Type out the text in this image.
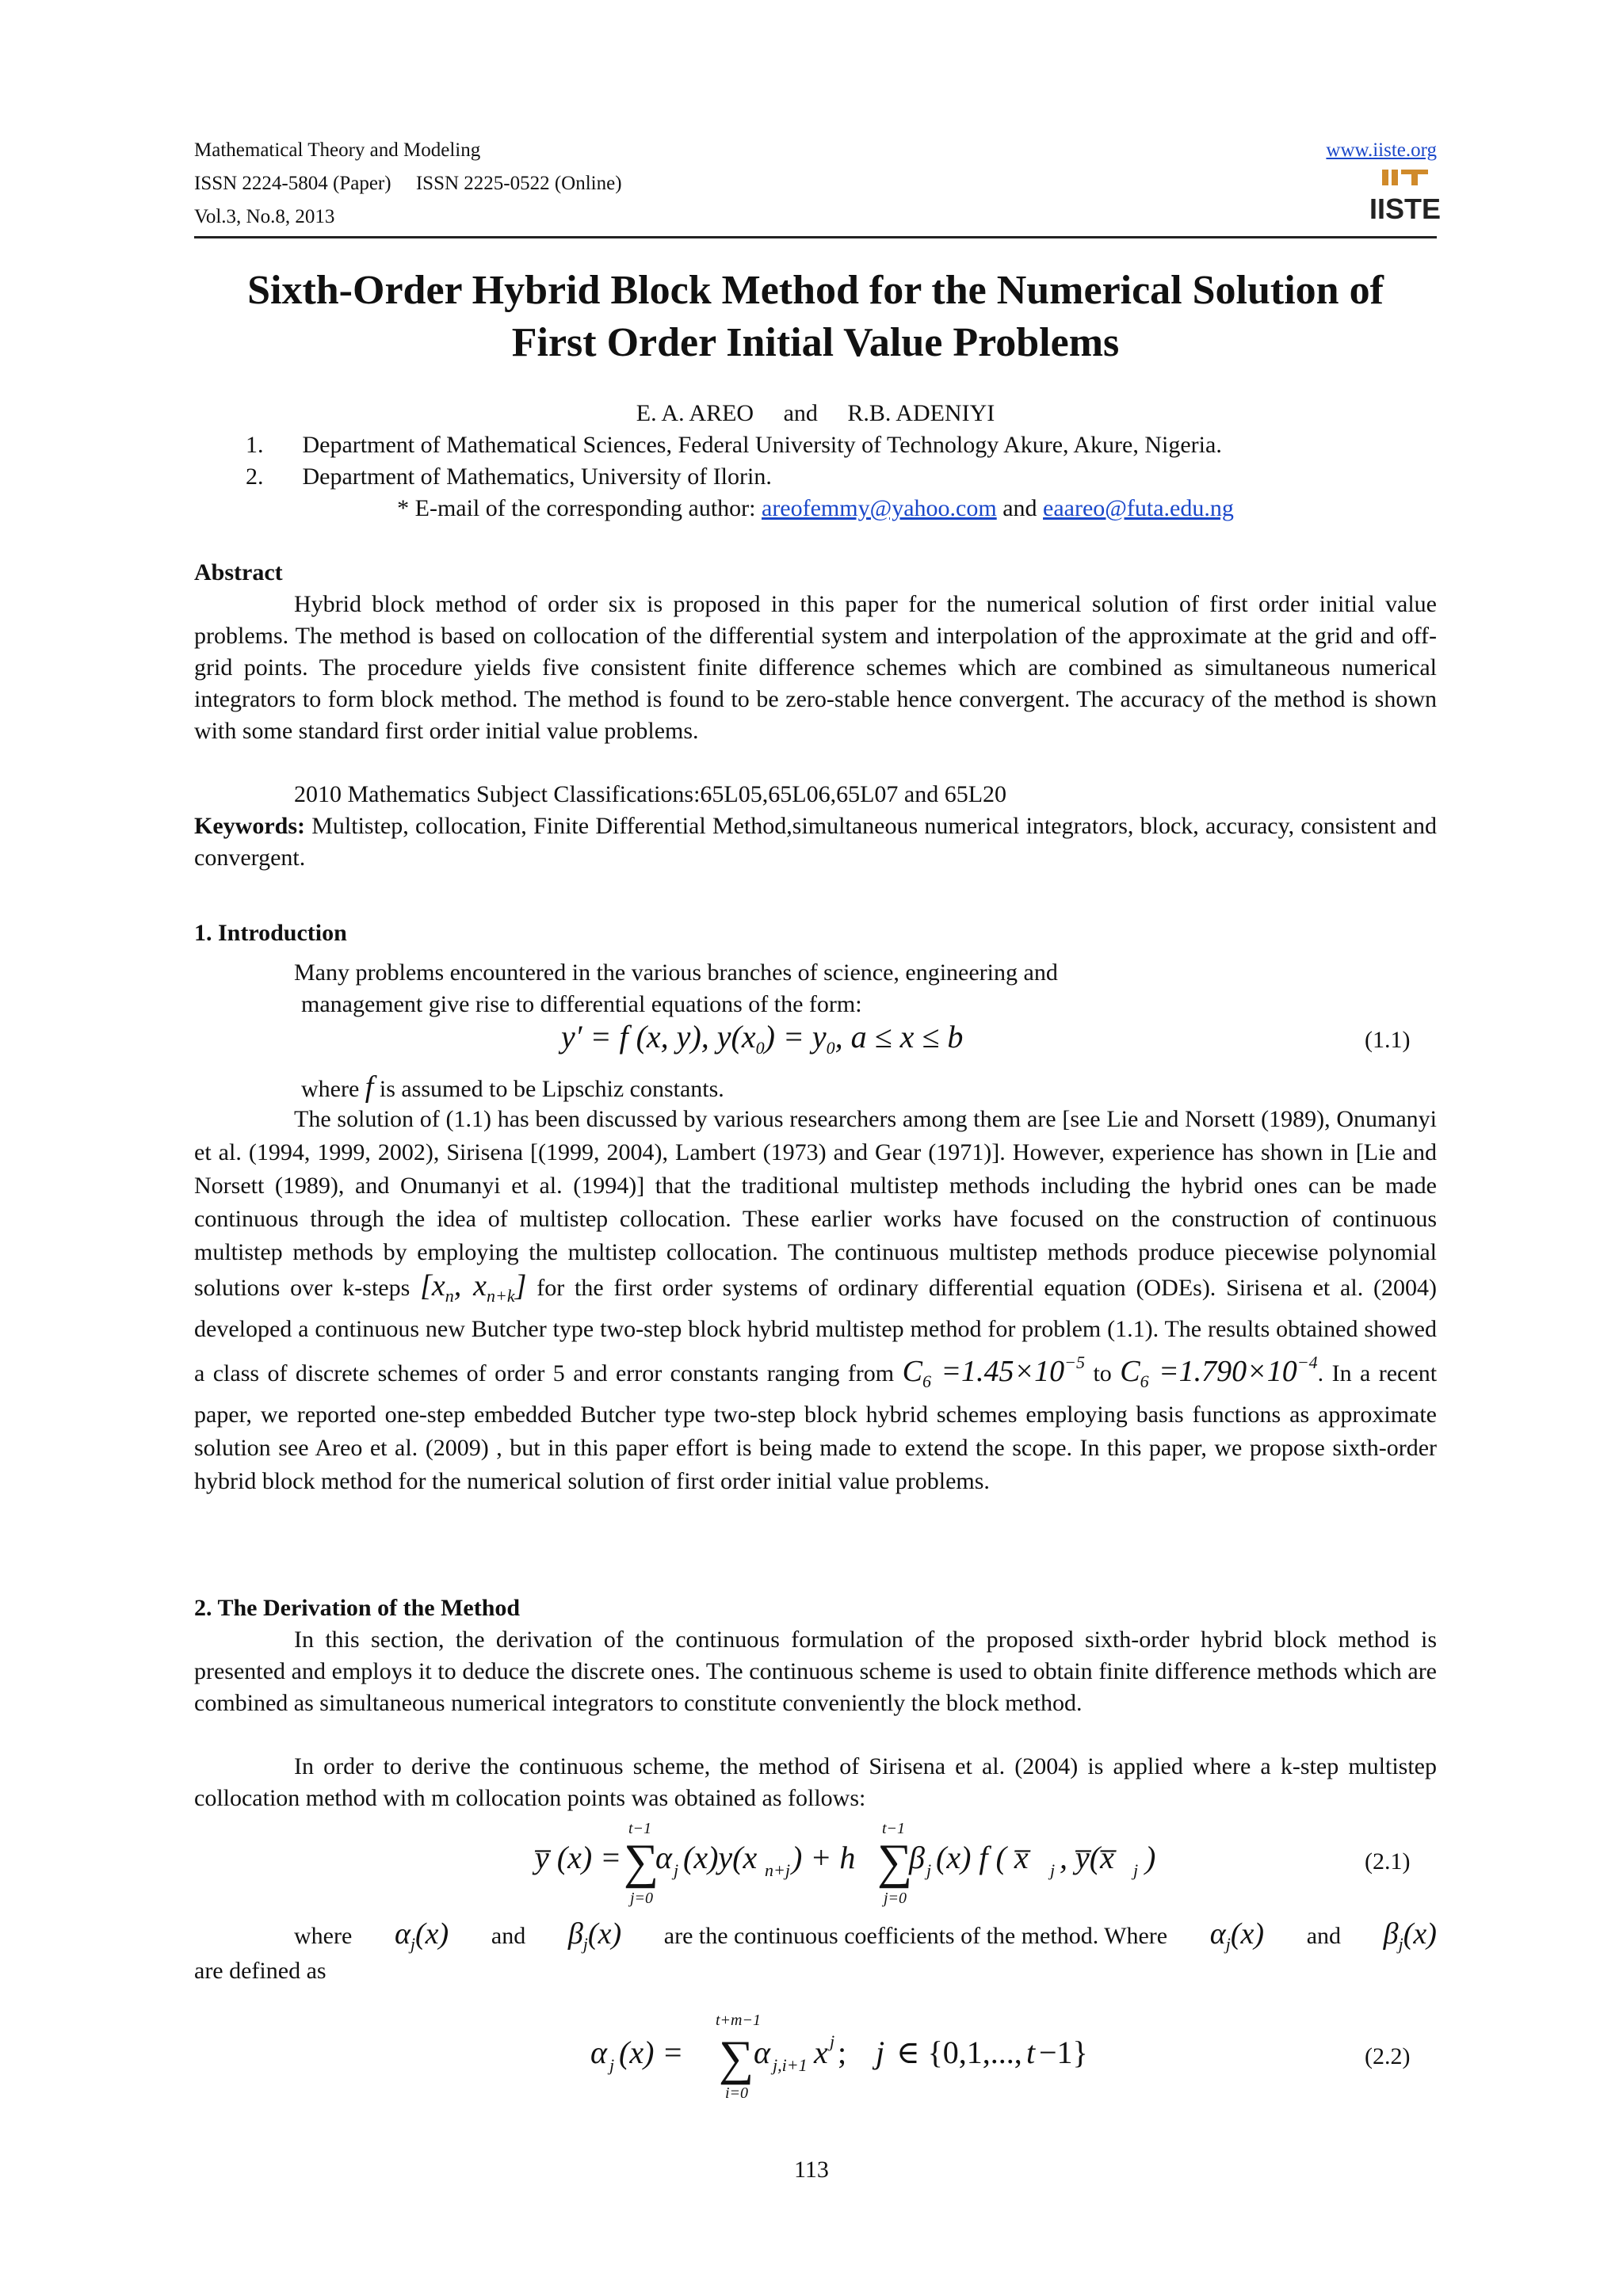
Mathematical Theory and Modeling
ISSN 2224-5804 (Paper)     ISSN 2225-0522 (Online)
Vol.3, No.8, 2013
www.iiste.org
IISTE
Sixth-Order Hybrid Block Method for the Numerical Solution of
First Order Initial Value Problems
E. A. AREO     and     R.B. ADENIYI
1. Department of Mathematical Sciences, Federal University of Technology Akure, Akure, Nigeria.
2. Department of Mathematics, University of Ilorin.
* E-mail of the corresponding author: areofemmy@yahoo.com and eaareo@futa.edu.ng
Abstract
Hybrid block method of order six is proposed in this paper for the numerical solution of first order initial value problems. The method is based on collocation of the differential system and interpolation of the approximate at the grid and off-grid points. The procedure yields five consistent finite difference schemes which are combined as simultaneous numerical integrators to form block method. The method is found to be zero-stable hence convergent. The accuracy of the method is shown with some standard first order initial value problems.
2010 Mathematics Subject Classifications:65L05,65L06,65L07 and 65L20
Keywords: Multistep, collocation, Finite Differential Method,simultaneous numerical integrators, block, accuracy, consistent and convergent.
1. Introduction
Many problems encountered in the various branches of science, engineering and
management give rise to differential equations of the form:
y′ = f (x, y), $y(x_0) = y_0$, a ≤ x ≤ b	(1.1)
where f is assumed to be Lipschiz constants.
The solution of (1.1) has been discussed by various researchers among them are [see Lie and Norsett (1989), Onumanyi et al. (1994, 1999, 2002), Sirisena [(1999, 2004), Lambert (1973) and Gear (1971)]. However, experience has shown in [Lie and Norsett (1989), and Onumanyi et al. (1994)] that the traditional multistep methods including the hybrid ones can be made continuous through the idea of multistep collocation. These earlier works have focused on the construction of continuous multistep methods by employing the multistep collocation. The continuous multistep methods produce piecewise polynomial solutions over k-steps [$x_n$, $x_{n+k}$] for the first order systems of ordinary differential equation (ODEs). Sirisena et al. (2004) developed a continuous new Butcher type two-step block hybrid multistep method for problem (1.1). The results obtained showed a class of discrete schemes of order 5 and error constants ranging from $C_6 =1.45\times 10^{-5}$ to $C_6 =1.790\times 10^{-4}$. In a recent paper, we reported one-step embedded Butcher type two-step block hybrid schemes employing basis functions as approximate solution see Areo et al. (2009) , but in this paper effort is being made to extend the scope. In this paper, we propose sixth-order hybrid block method for the numerical solution of first order initial value problems.
2. The Derivation of the Method
In this section, the derivation of the continuous formulation of the proposed sixth-order hybrid block method is presented and employs it to deduce the discrete ones. The continuous scheme is used to obtain finite difference methods which are combined as simultaneous numerical integrators to constitute conveniently the block method.
In order to derive the continuous scheme, the method of Sirisena et al. (2004) is applied where a k-step multistep collocation method with m collocation points was obtained as follows:
y̅ (x) =
t−1
∑
j=0
α j (x)y(x n+j ) + h
t−1
∑
j=0
β j (x) f ( x̅ j , y̅(x̅ j )	(2.1)
where $\alpha_j(x)$ and $\beta_j(x)$ are the continuous coefficients of the method. Where $\alpha_j(x)$ and $\beta_j(x)$
are defined as
α j (x) =
t+m−1
∑
i=0
α j,i+1 x j ; j ∈ {0,1,..., t −1}	(2.2)
113
